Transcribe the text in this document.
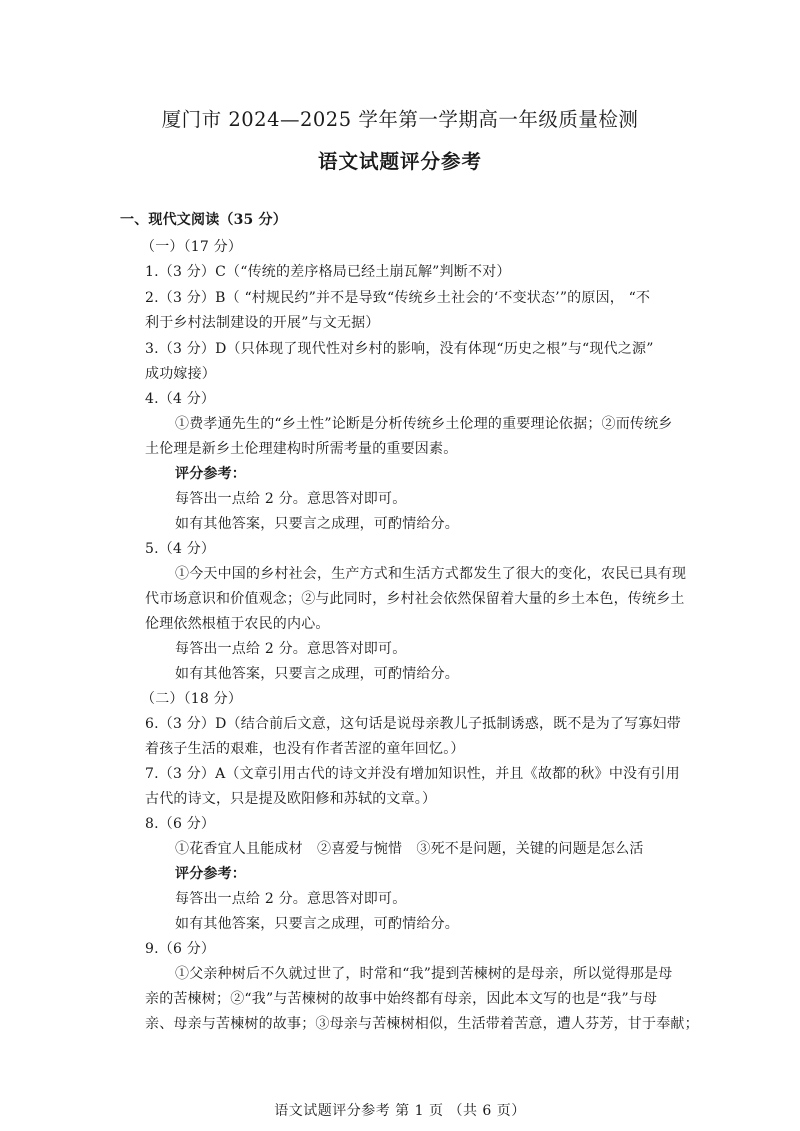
厦门市 2024—2025 学年第一学期高一年级质量检测
语文试题评分参考
一、现代文阅读（35 分）
（一）（17 分）
1.（3 分）C（“传统的差序格局已经土崩瓦解”判断不对）
2.（3 分）B（ “村规民约”并不是导致“传统乡土社会的‘不变状态’”的原因， “不
利于乡村法制建设的开展”与文无据）
3.（3 分）D（只体现了现代性对乡村的影响，没有体现“历史之根”与“现代之源”
成功嫁接）
4.（4 分）
①费孝通先生的“乡土性”论断是分析传统乡土伦理的重要理论依据；②而传统乡
土伦理是新乡土伦理建构时所需考量的重要因素。
评分参考：
每答出一点给 2 分。意思答对即可。
如有其他答案，只要言之成理，可酌情给分。
5.（4 分）
①今天中国的乡村社会，生产方式和生活方式都发生了很大的变化，农民已具有现
代市场意识和价值观念；②与此同时，乡村社会依然保留着大量的乡土本色，传统乡土
伦理依然根植于农民的内心。
每答出一点给 2 分。意思答对即可。
如有其他答案，只要言之成理，可酌情给分。
（二）（18 分）
6.（3 分）D（结合前后文意，这句话是说母亲教儿子抵制诱惑，既不是为了写寡妇带
着孩子生活的艰难，也没有作者苦涩的童年回忆。）
7.（3 分）A（文章引用古代的诗文并没有增加知识性，并且《故都的秋》中没有引用
古代的诗文，只是提及欧阳修和苏轼的文章。）
8.（6 分）
①花香宜人且能成材　②喜爱与惋惜　③死不是问题，关键的问题是怎么活
评分参考：
每答出一点给 2 分。意思答对即可。
如有其他答案，只要言之成理，可酌情给分。
9.（6 分）
①父亲种树后不久就过世了，时常和“我”提到苦楝树的是母亲，所以觉得那是母
亲的苦楝树；②“我”与苦楝树的故事中始终都有母亲，因此本文写的也是“我”与母
亲、母亲与苦楝树的故事；③母亲与苦楝树相似，生活带着苦意，遭人芬芳，甘于奉献；
语文试题评分参考 第 1 页 （共 6 页）
